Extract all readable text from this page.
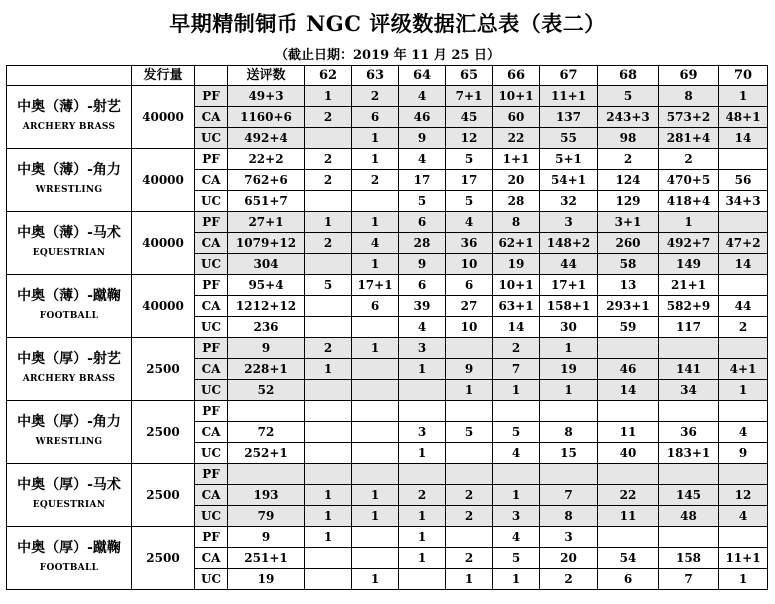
早期精制铜币 NGC 评级数据汇总表（表二）
（截止日期：2019 年 11 月 25 日）
	发行量		送评数	62	63	64	65	66	67	68	69	70

中奥（薄）-射艺
ARCHERY BRASS	40000	PF	49+3	1	2	4	7+1	10+1	11+1	5	8	1
		CA	1160+6	2	6	46	45	60	137	243+3	573+2	48+1
		UC	492+4		1	9	12	22	55	98	281+4	14

中奥（薄）-角力
WRESTLING	40000	PF	22+2	2	1	4	5	1+1	5+1	2	2	
		CA	762+6	2	2	17	17	20	54+1	124	470+5	56
		UC	651+7			5	5	28	32	129	418+4	34+3

中奥（薄）-马术
EQUESTRIAN	40000	PF	27+1	1	1	6	4	8	3	3+1	1	
		CA	1079+12	2	4	28	36	62+1	148+2	260	492+7	47+2
		UC	304		1	9	10	19	44	58	149	14

中奥（薄）-蹴鞠
FOOTBALL	40000	PF	95+4	5	17+1	6	6	10+1	17+1	13	21+1	
		CA	1212+12		6	39	27	63+1	158+1	293+1	582+9	44
		UC	236			4	10	14	30	59	117	2

中奥（厚）-射艺
ARCHERY BRASS	2500	PF	9	2	1	3		2	1			
		CA	228+1	1		1	9	7	19	46	141	4+1
		UC	52				1	1	1	14	34	1

中奥（厚）-角力
WRESTLING	2500	PF										
		CA	72			3	5	5	8	11	36	4
		UC	252+1			1		4	15	40	183+1	9

中奥（厚）-马术
EQUESTRIAN	2500	PF										
		CA	193	1	1	2	2	1	7	22	145	12
		UC	79	1	1	1	2	3	8	11	48	4

中奥（厚）-蹴鞠
FOOTBALL	2500	PF	9	1		1		4	3			
		CA	251+1			1	2	5	20	54	158	11+1
		UC	19		1		1	1	2	6	7	1
